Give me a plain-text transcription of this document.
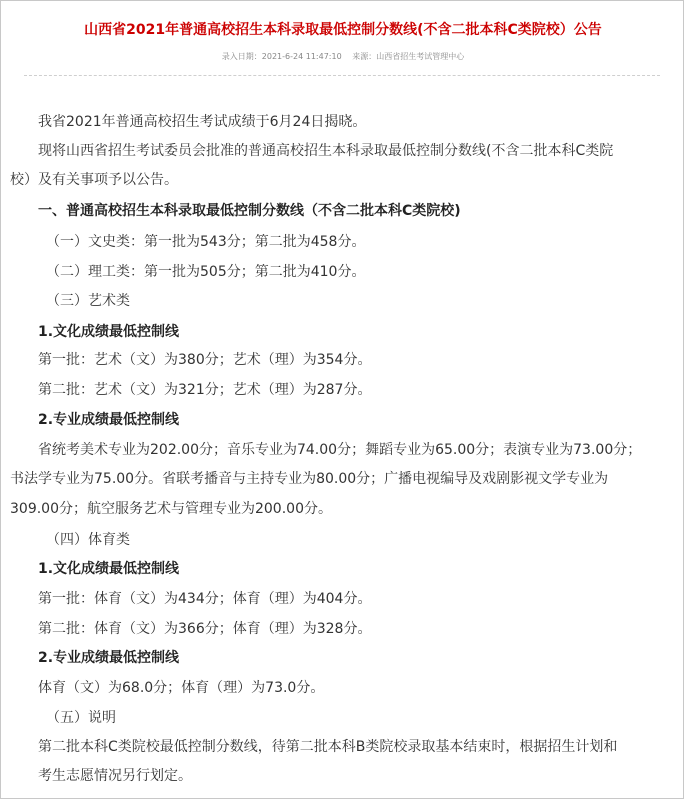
山西省2021年普通高校招生本科录取最低控制分数线(不含二批本科C类院校）公告
录入日期：2021-6-24 11:47:10 来源：山西省招生考试管理中心
我省2021年普通高校招生考试成绩于6月24日揭晓。
现将山西省招生考试委员会批准的普通高校招生本科录取最低控制分数线(不含二批本科C类院
校）及有关事项予以公告。
一、普通高校招生本科录取最低控制分数线（不含二批本科C类院校)
（一）文史类：第一批为543分；第二批为458分。
（二）理工类：第一批为505分；第二批为410分。
（三）艺术类
1.文化成绩最低控制线
第一批：艺术（文）为380分；艺术（理）为354分。
第二批：艺术（文）为321分；艺术（理）为287分。
2.专业成绩最低控制线
省统考美术专业为202.00分；音乐专业为74.00分；舞蹈专业为65.00分；表演专业为73.00分；
书法学专业为75.00分。省联考播音与主持专业为80.00分；广播电视编导及戏剧影视文学专业为
309.00分；航空服务艺术与管理专业为200.00分。
（四）体育类
1.文化成绩最低控制线
第一批：体育（文）为434分；体育（理）为404分。
第二批：体育（文）为366分；体育（理）为328分。
2.专业成绩最低控制线
体育（文）为68.0分；体育（理）为73.0分。
（五）说明
第二批本科C类院校最低控制分数线，待第二批本科B类院校录取基本结束时，根据招生计划和
考生志愿情况另行划定。
